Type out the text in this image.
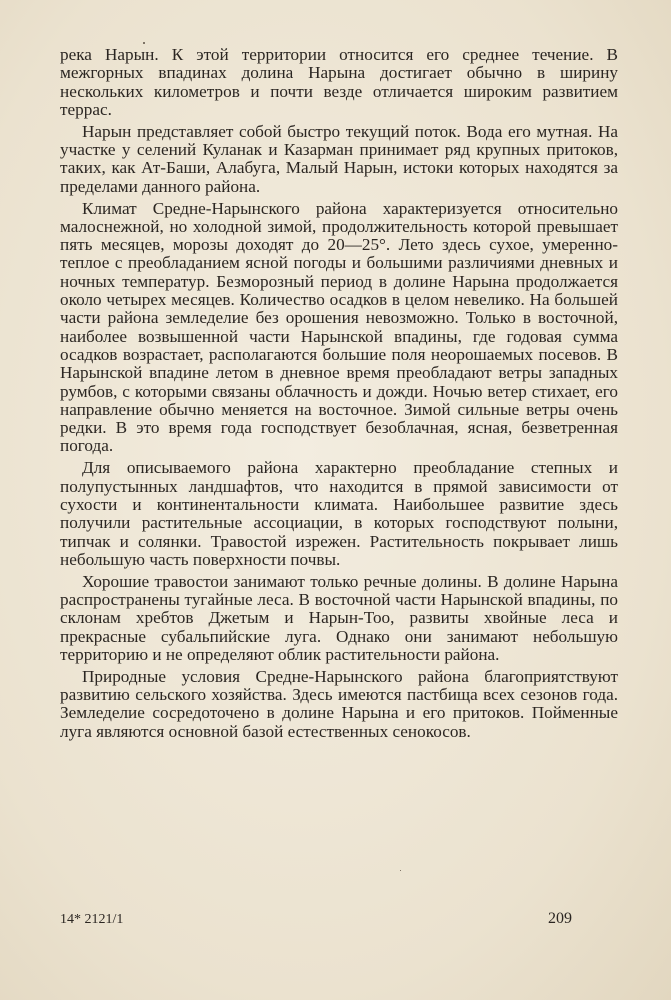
река Нарын. К этой территории относится его среднее течение. В межгорных впадинах долина Нарына достигает обычно в ширину нескольких километров и почти везде отличается широким развитием террас.

Нарын представляет собой быстро текущий поток. Вода его мутная. На участке у селений Куланак и Казарман принимает ряд крупных притоков, таких, как Ат-Баши, Алабуга, Малый Нарын, истоки которых находятся за пределами данного района.

Климат Средне-Нарынского района характеризуется относительно малоснежной, но холодной зимой, продолжительность которой превышает пять месяцев, морозы доходят до 20—25°. Лето здесь сухое, умеренно-теплое с преобладанием ясной погоды и большими различиями дневных и ночных температур. Безморозный период в долине Нарына продолжается около четырех месяцев. Количество осадков в целом невелико. На большей части района земледелие без орошения невозможно. Только в восточной, наиболее возвышенной части Нарынской впадины, где годовая сумма осадков возрастает, располагаются большие поля неорошаемых посевов. В Нарынской впадине летом в дневное время преобладают ветры западных румбов, с которыми связаны облачность и дожди. Ночью ветер стихает, его направление обычно меняется на восточное. Зимой сильные ветры очень редки. В это время года господствует безоблачная, ясная, безветренная погода.

Для описываемого района характерно преобладание степных и полупустынных ландшафтов, что находится в прямой зависимости от сухости и континентальности климата. Наибольшее развитие здесь получили растительные ассоциации, в которых господствуют полыни, типчак и солянки. Травостой изрежен. Растительность покрывает лишь небольшую часть поверхности почвы.

Хорошие травостои занимают только речные долины. В долине Нарына распространены тугайные леса. В восточной части Нарынской впадины, по склонам хребтов Джетым и Нарын-Тоо, развиты хвойные леса и прекрасные субальпийские луга. Однако они занимают небольшую территорию и не определяют облик растительности района.

Природные условия Средне-Нарынского района благоприятствуют развитию сельского хозяйства. Здесь имеются пастбища всех сезонов года. Земледелие сосредоточено в долине Нарына и его притоков. Пойменные луга являются основной базой естественных сенокосов.

14* 2121/1	209
